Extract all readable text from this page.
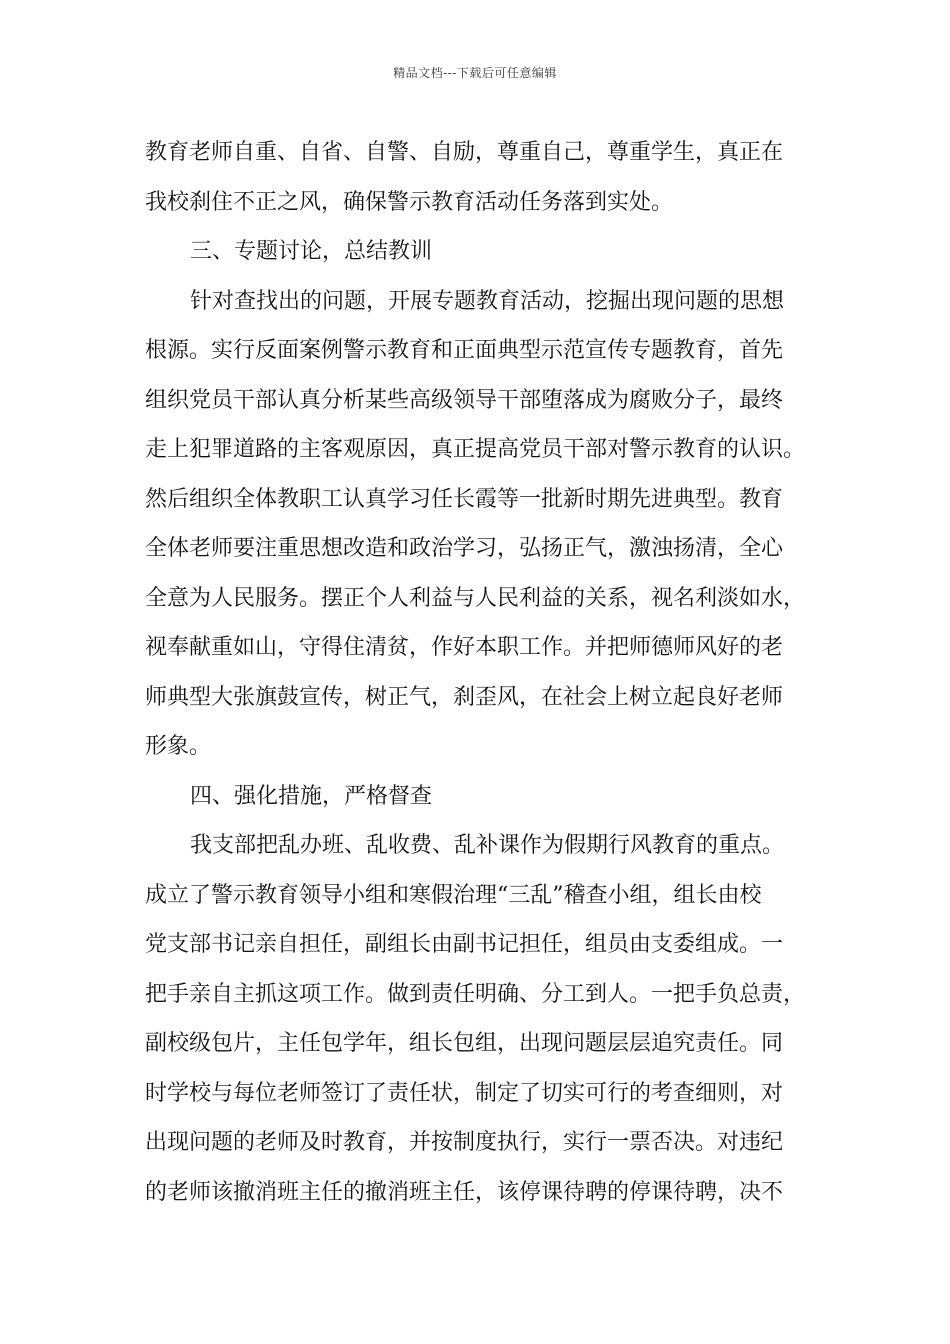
精品文档---下载后可任意编辑
教育老师自重、自省、自警、自励，尊重自己，尊重学生，真正在
我校刹住不正之风，确保警示教育活动任务落到实处。
三、专题讨论，总结教训
针对查找出的问题，开展专题教育活动，挖掘出现问题的思想
根源。实行反面案例警示教育和正面典型示范宣传专题教育，首先
组织党员干部认真分析某些高级领导干部堕落成为腐败分子，最终
走上犯罪道路的主客观原因，真正提高党员干部对警示教育的认识。
然后组织全体教职工认真学习任长霞等一批新时期先进典型。教育
全体老师要注重思想改造和政治学习，弘扬正气，激浊扬清，全心
全意为人民服务。摆正个人利益与人民利益的关系，视名利淡如水，
视奉献重如山，守得住清贫，作好本职工作。并把师德师风好的老
师典型大张旗鼓宣传，树正气，刹歪风，在社会上树立起良好老师
形象。
四、强化措施，严格督查
我支部把乱办班、乱收费、乱补课作为假期行风教育的重点。
成立了警示教育领导小组和寒假治理“三乱”稽查小组，组长由校
党支部书记亲自担任，副组长由副书记担任，组员由支委组成。一
把手亲自主抓这项工作。做到责任明确、分工到人。一把手负总责，
副校级包片，主任包学年，组长包组，出现问题层层追究责任。同
时学校与每位老师签订了责任状，制定了切实可行的考查细则，对
出现问题的老师及时教育，并按制度执行，实行一票否决。对违纪
的老师该撤消班主任的撤消班主任，该停课待聘的停课待聘，决不
